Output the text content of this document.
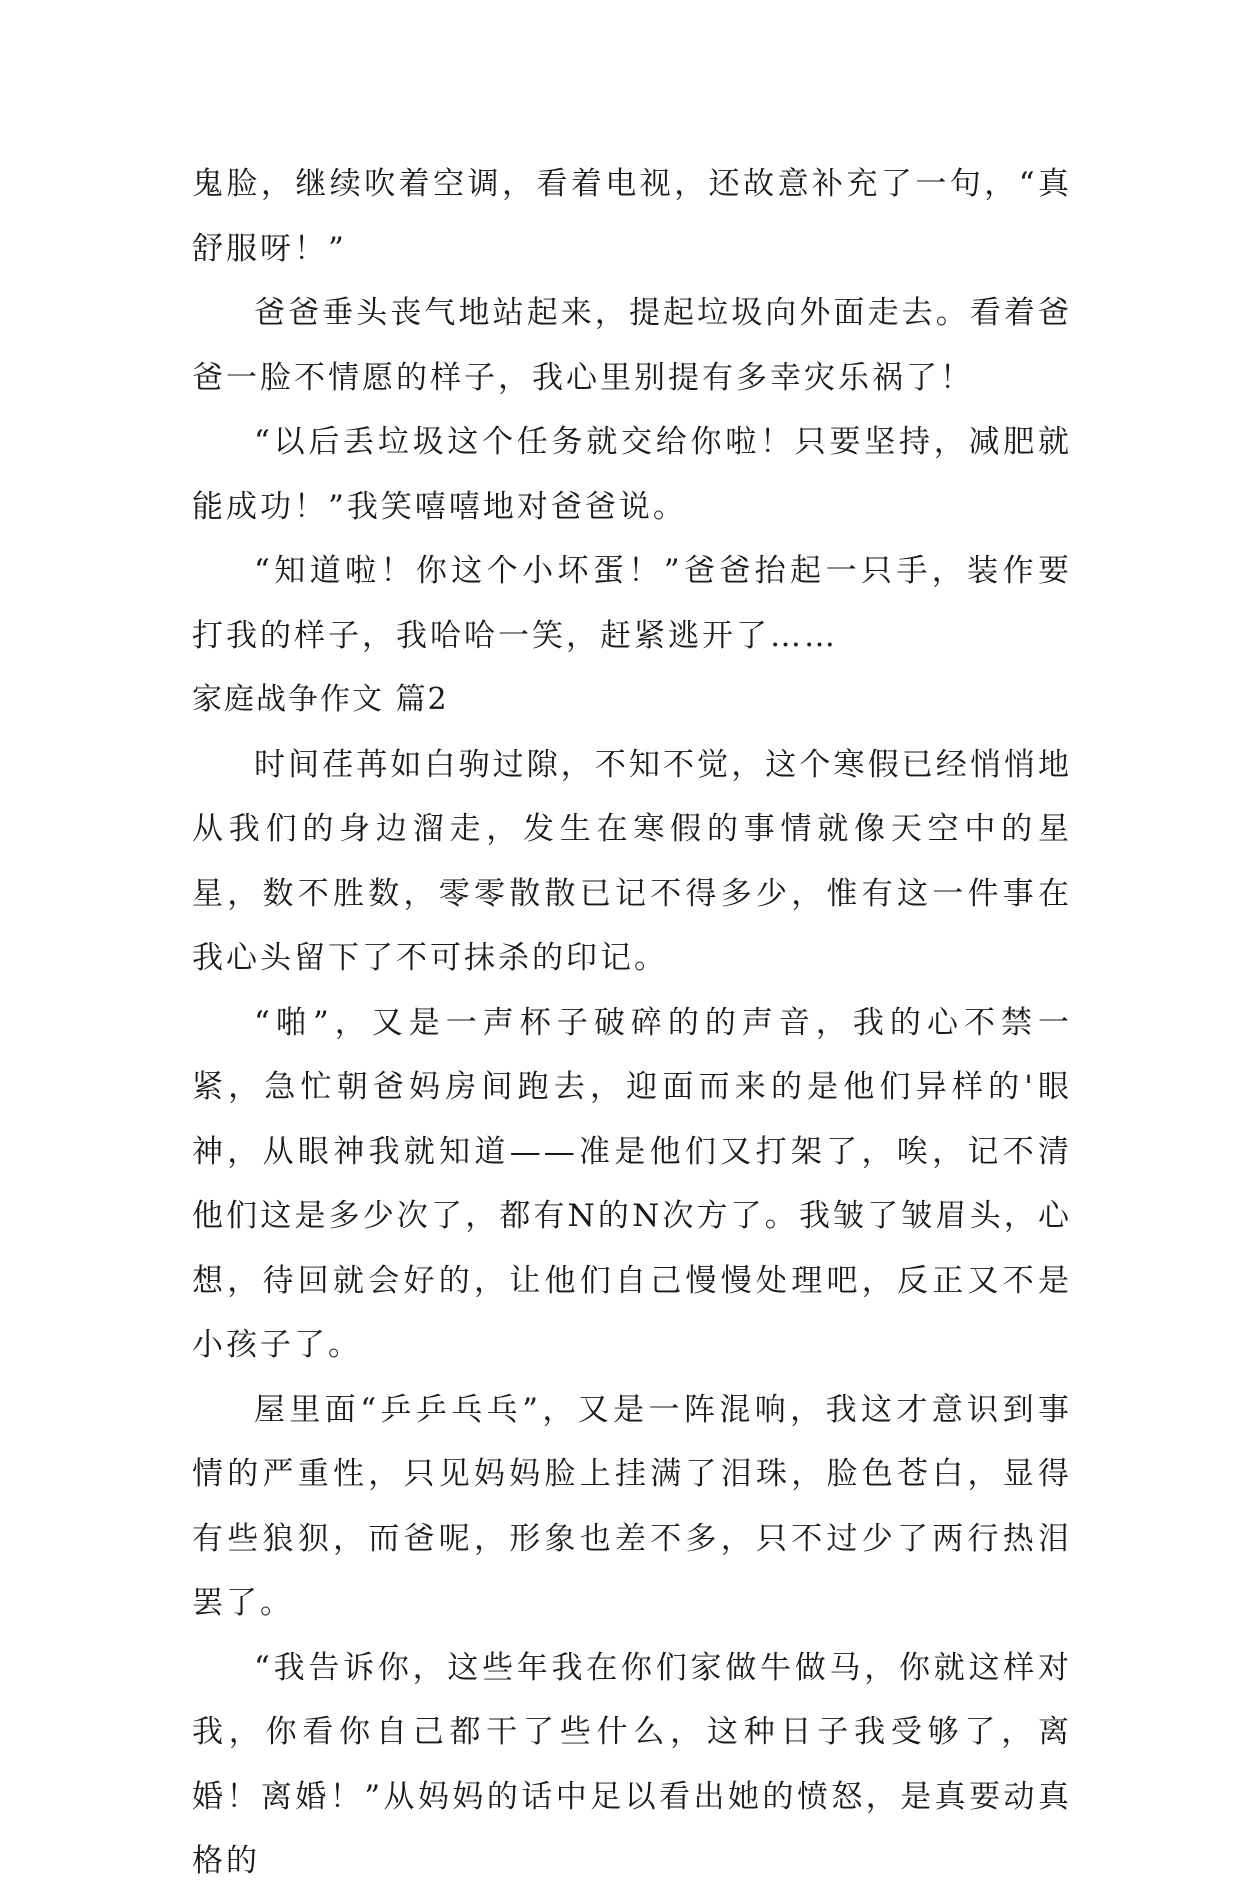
鬼脸，继续吹着空调，看着电视，还故意补充了一句，“真舒服呀！”

爸爸垂头丧气地站起来，提起垃圾向外面走去。看着爸爸一脸不情愿的样子，我心里别提有多幸灾乐祸了！

“以后丢垃圾这个任务就交给你啦！只要坚持，减肥就能成功！”我笑嘻嘻地对爸爸说。

“知道啦！你这个小坏蛋！”爸爸抬起一只手，装作要打我的样子，我哈哈一笑，赶紧逃开了……

家庭战争作文 篇2

时间荏苒如白驹过隙，不知不觉，这个寒假已经悄悄地从我们的身边溜走，发生在寒假的事情就像天空中的星星，数不胜数，零零散散已记不得多少，惟有这一件事在我心头留下了不可抹杀的印记。

“啪”，又是一声杯子破碎的的声音，我的心不禁一紧，急忙朝爸妈房间跑去，迎面而来的是他们异样的'眼神，从眼神我就知道——准是他们又打架了，唉，记不清他们这是多少次了，都有N的N次方了。我皱了皱眉头，心想，待回就会好的，让他们自己慢慢处理吧，反正又不是小孩子了。

屋里面“乒乒乓乓”，又是一阵混响，我这才意识到事情的严重性，只见妈妈脸上挂满了泪珠，脸色苍白，显得有些狼狈，而爸呢，形象也差不多，只不过少了两行热泪罢了。

“我告诉你，这些年我在你们家做牛做马，你就这样对我，你看你自己都干了些什么，这种日子我受够了，离婚！离婚！”从妈妈的话中足以看出她的愤怒，是真要动真格的
